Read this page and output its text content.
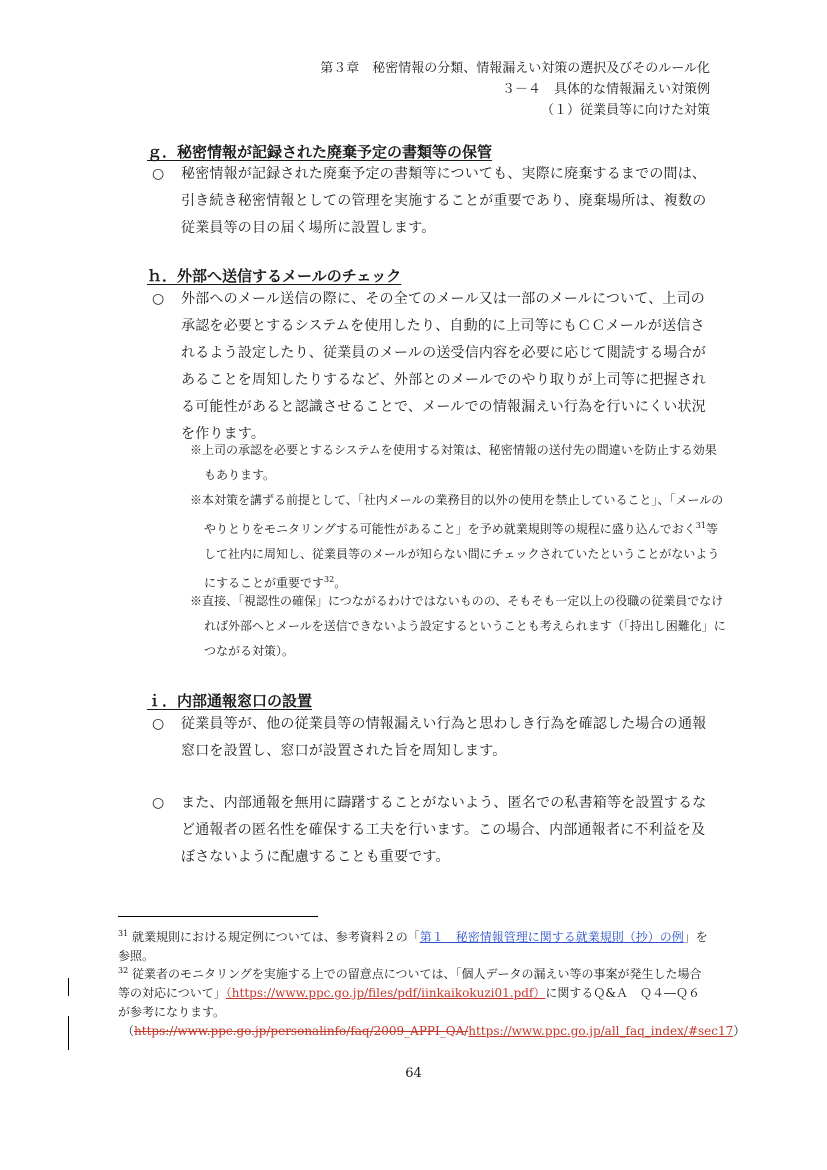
第３章　秘密情報の分類、情報漏えい対策の選択及びそのルール化
３－４　具体的な情報漏えい対策例
（１）従業員等に向けた対策
ｇ．秘密情報が記録された廃棄予定の書類等の保管
○ 秘密情報が記録された廃棄予定の書類等についても、実際に廃棄するまでの間は、引き続き秘密情報としての管理を実施することが重要であり、廃棄場所は、複数の従業員等の目の届く場所に設置します。
ｈ．外部へ送信するメールのチェック
○ 外部へのメール送信の際に、その全てのメール又は一部のメールについて、上司の承認を必要とするシステムを使用したり、自動的に上司等にもＣＣメールが送信されるよう設定したり、従業員のメールの送受信内容を必要に応じて閲読する場合があることを周知したりするなど、外部とのメールでのやり取りが上司等に把握される可能性があると認識させることで、メールでの情報漏えい行為を行いにくい状況を作ります。
※上司の承認を必要とするシステムを使用する対策は、秘密情報の送付先の間違いを防止する効果もあります。
※本対策を講ずる前提として、「社内メールの業務目的以外の使用を禁止していること」、「メールのやりとりをモニタリングする可能性があること」を予め就業規則等の規程に盛り込んでおく$^{31}$等して社内に周知し、従業員等のメールが知らない間にチェックされていたということがないようにすることが重要です$^{32}$。
※直接、「視認性の確保」につながるわけではないものの、そもそも一定以上の役職の従業員でなければ外部へとメールを送信できないよう設定するということも考えられます（「持出し困難化」につながる対策）。
ｉ．内部通報窓口の設置
○ 従業員等が、他の従業員等の情報漏えい行為と思わしき行為を確認した場合の通報窓口を設置し、窓口が設置された旨を周知します。
○ また、内部通報を無用に躊躇することがないよう、匿名での私書箱等を設置するなど通報者の匿名性を確保する工夫を行います。この場合、内部通報者に不利益を及ぼさないように配慮することも重要です。
$^{31}$ 就業規則における規定例については、参考資料２の「第１　秘密情報管理に関する就業規則（抄）の例」を参照。
$^{32}$ 従業者のモニタリングを実施する上での留意点については、「個人データの漏えい等の事案が発生した場合等の対応について」（https://www.ppc.go.jp/files/pdf/iinkaikokuzi01.pdf）に関するＱ&Ａ　Ｑ４―Ｑ６が参考になります。
（https://www.ppc.go.jp/personalinfo/faq/2009_APPI_QA/https://www.ppc.go.jp/all_faq_index/#sec17）
64
